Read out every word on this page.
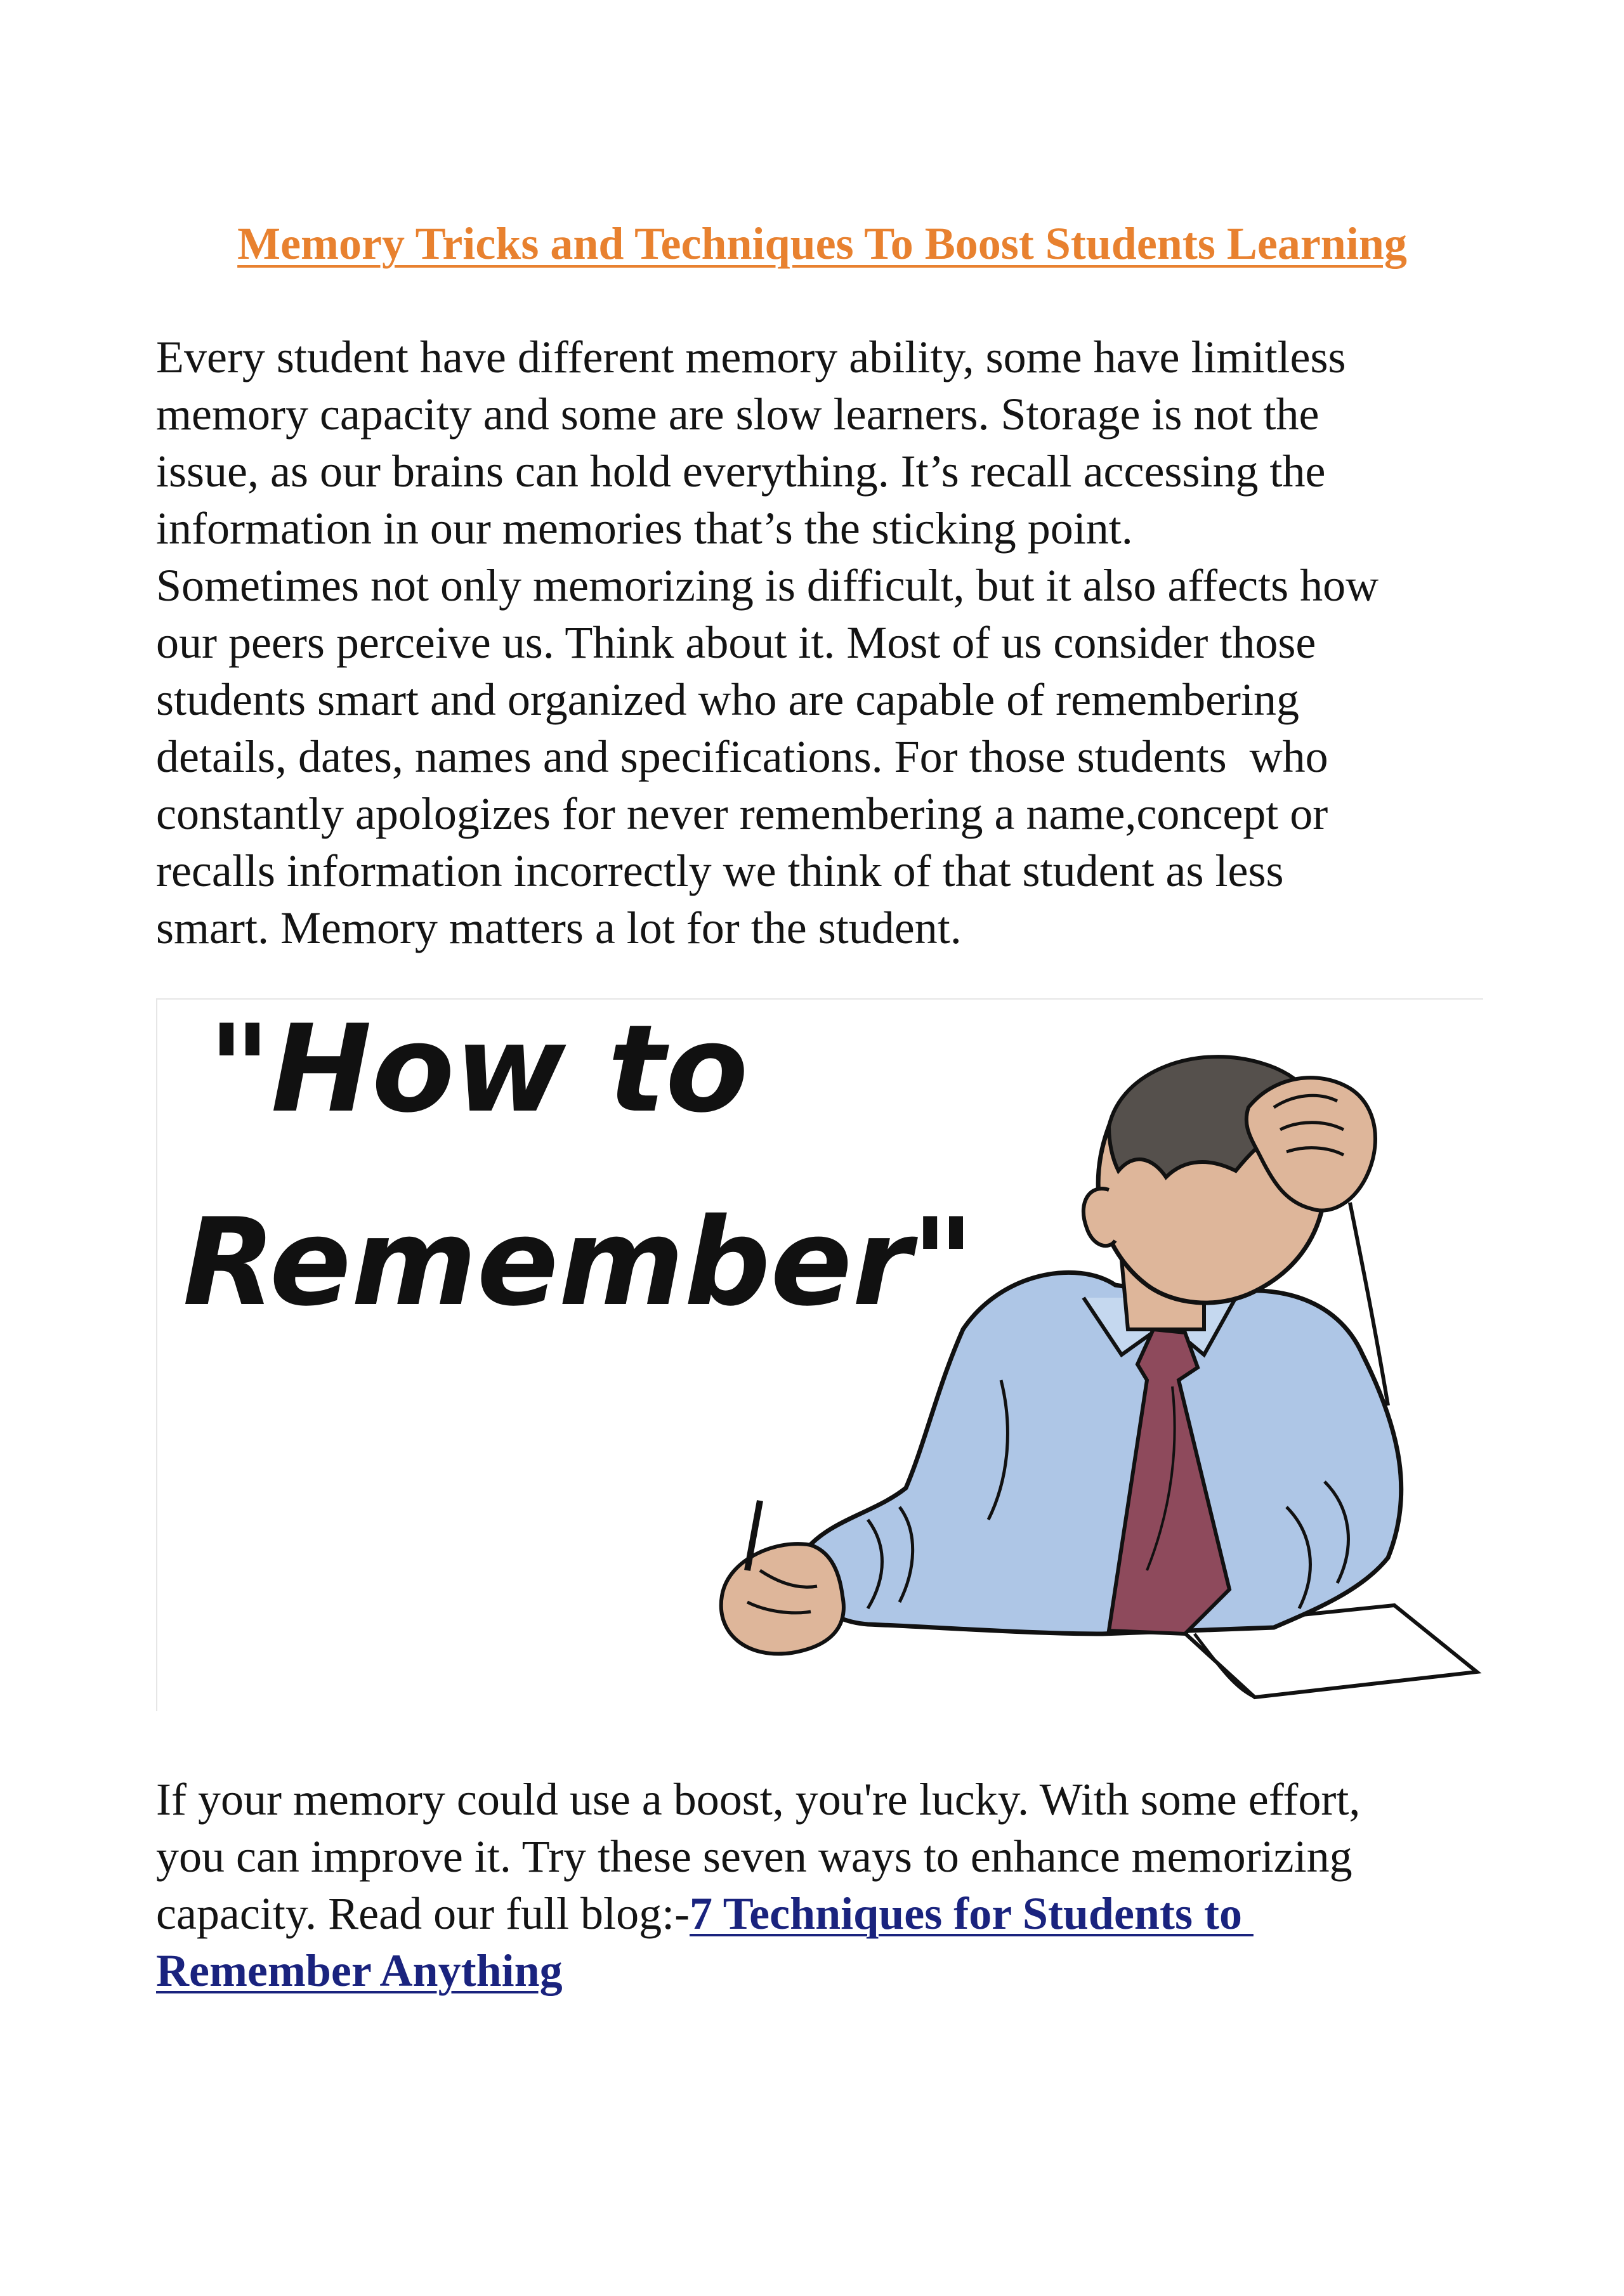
Memory Tricks and Techniques To Boost Students Learning
Every student have different memory ability, some have limitless
memory capacity and some are slow learners. Storage is not the
issue, as our brains can hold everything. It’s recall accessing the
information in our memories that’s the sticking point.
Sometimes not only memorizing is difficult, but it also affects how
our peers perceive us. Think about it. Most of us consider those
students smart and organized who are capable of remembering
details, dates, names and specifications. For those students  who
constantly apologizes for never remembering a name,concept or
recalls information incorrectly we think of that student as less
smart. Memory matters a lot for the student.
"How to
Remember"
If your memory could use a boost, you're lucky. With some effort,
you can improve it. Try these seven ways to enhance memorizing
capacity. Read our full blog:-7 Techniques for Students to
Remember Anything
